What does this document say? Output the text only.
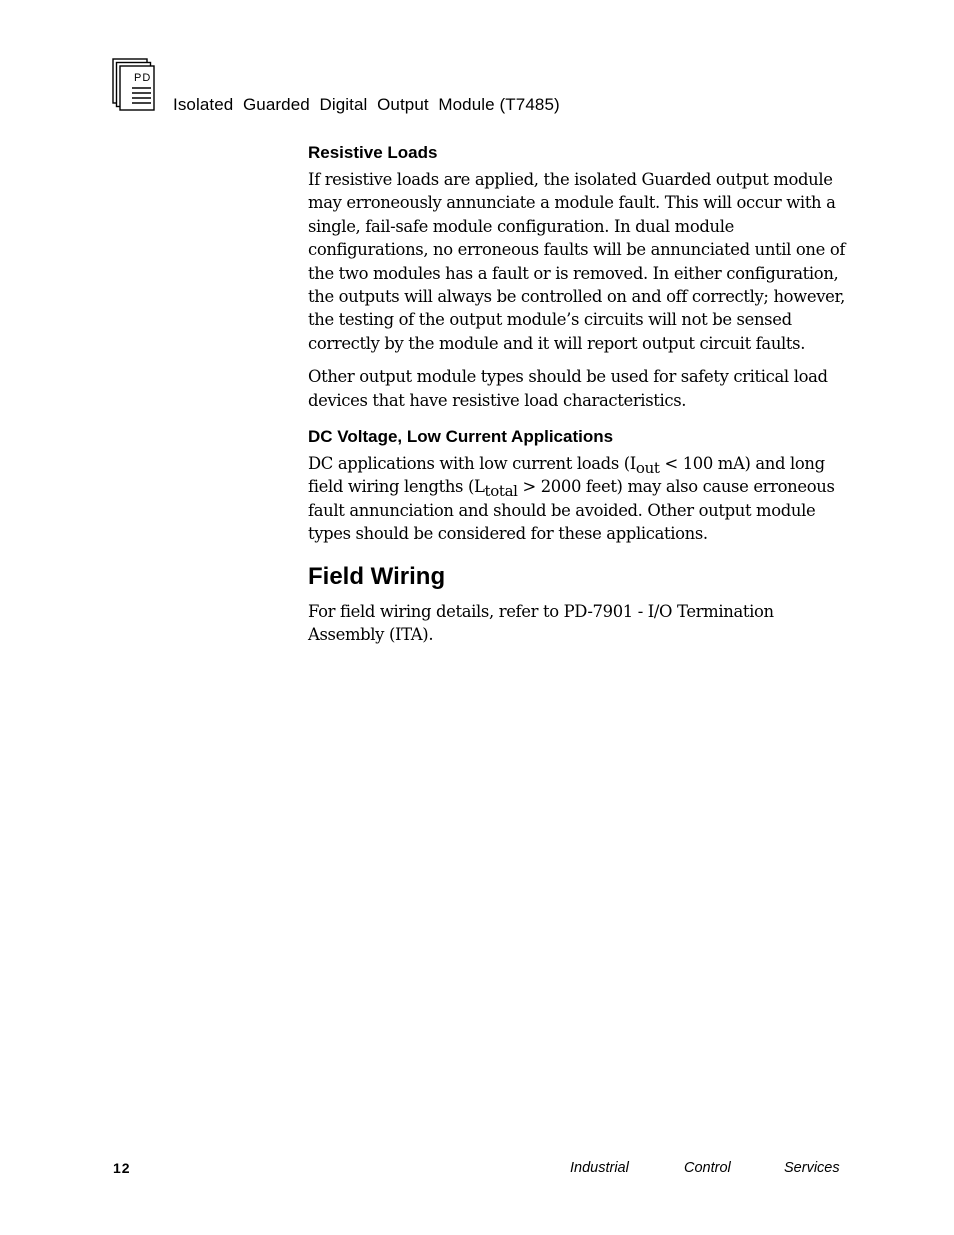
PD
Isolated  Guarded  Digital  Output  Module (T7485)
Resistive Loads

If resistive loads are applied, the isolated Guarded output module may erroneously annunciate a module fault. This will occur with a single, fail-safe module configuration. In dual module configurations, no erroneous faults will be annunciated until one of the two modules has a fault or is removed. In either configuration, the outputs will always be controlled on and off correctly; however, the testing of the output module’s circuits will not be sensed correctly by the module and it will report output circuit faults.

Other output module types should be used for safety critical load devices that have resistive load characteristics.

DC Voltage, Low Current Applications

DC applications with low current loads ($I_{out} < 100$ mA) and long field wiring lengths ($L_{total} > 2000$ feet) may also cause erroneous fault annunciation and should be avoided. Other output module types should be considered for these applications.

Field Wiring

For field wiring details, refer to PD-7901 - I/O Termination Assembly (ITA).

12	Industrial	Control	Services
